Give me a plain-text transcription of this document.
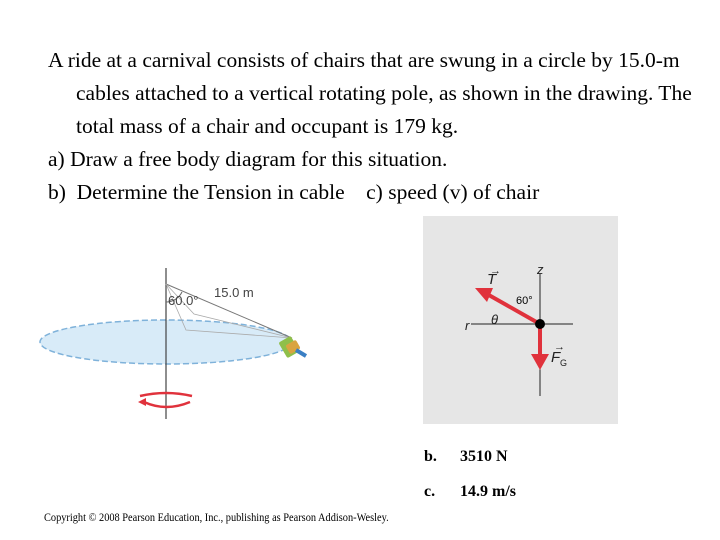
A ride at a carnival consists of chairs that are swung in a circle by 15.0-m cables attached to a vertical rotating pole, as shown in the drawing. The total mass of a chair and occupant is 179 kg.

a) Draw a free body diagram for this situation.

b)  Determine the Tension in cable c) speed (v) of chair

60.0°
15.0 m
z
r
T
→
60°
θ
F G
→
b. 3510 N
c. 14.9 m/s
Copyright © 2008 Pearson Education, Inc., publishing as Pearson Addison-Wesley.
